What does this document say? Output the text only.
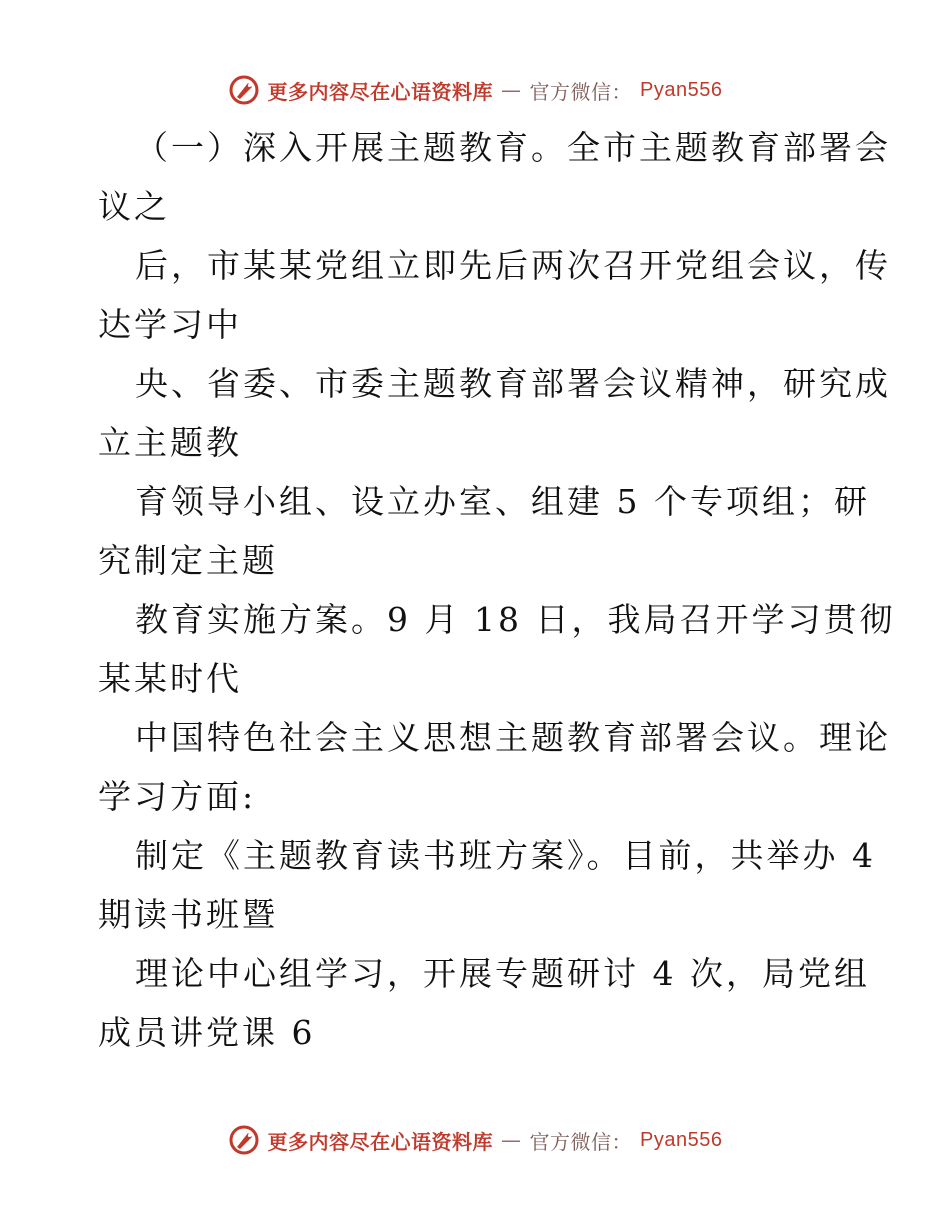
更多内容尽在心语资料库 — 官方微信： Pyan556
（一）深入开展主题教育。全市主题教育部署会
议之
后，市某某党组立即先后两次召开党组会议，传
达学习中
央、省委、市委主题教育部署会议精神，研究成
立主题教
育领导小组、设立办室、组建 5 个专项组；研
究制定主题
教育实施方案。9 月 18 日，我局召开学习贯彻
某某时代
中国特色社会主义思想主题教育部署会议。理论
学习方面:
制定《主题教育读书班方案》。目前，共举办 4
期读书班暨
理论中心组学习，开展专题研讨 4 次，局党组
成员讲党课 6
更多内容尽在心语资料库 — 官方微信： Pyan556
